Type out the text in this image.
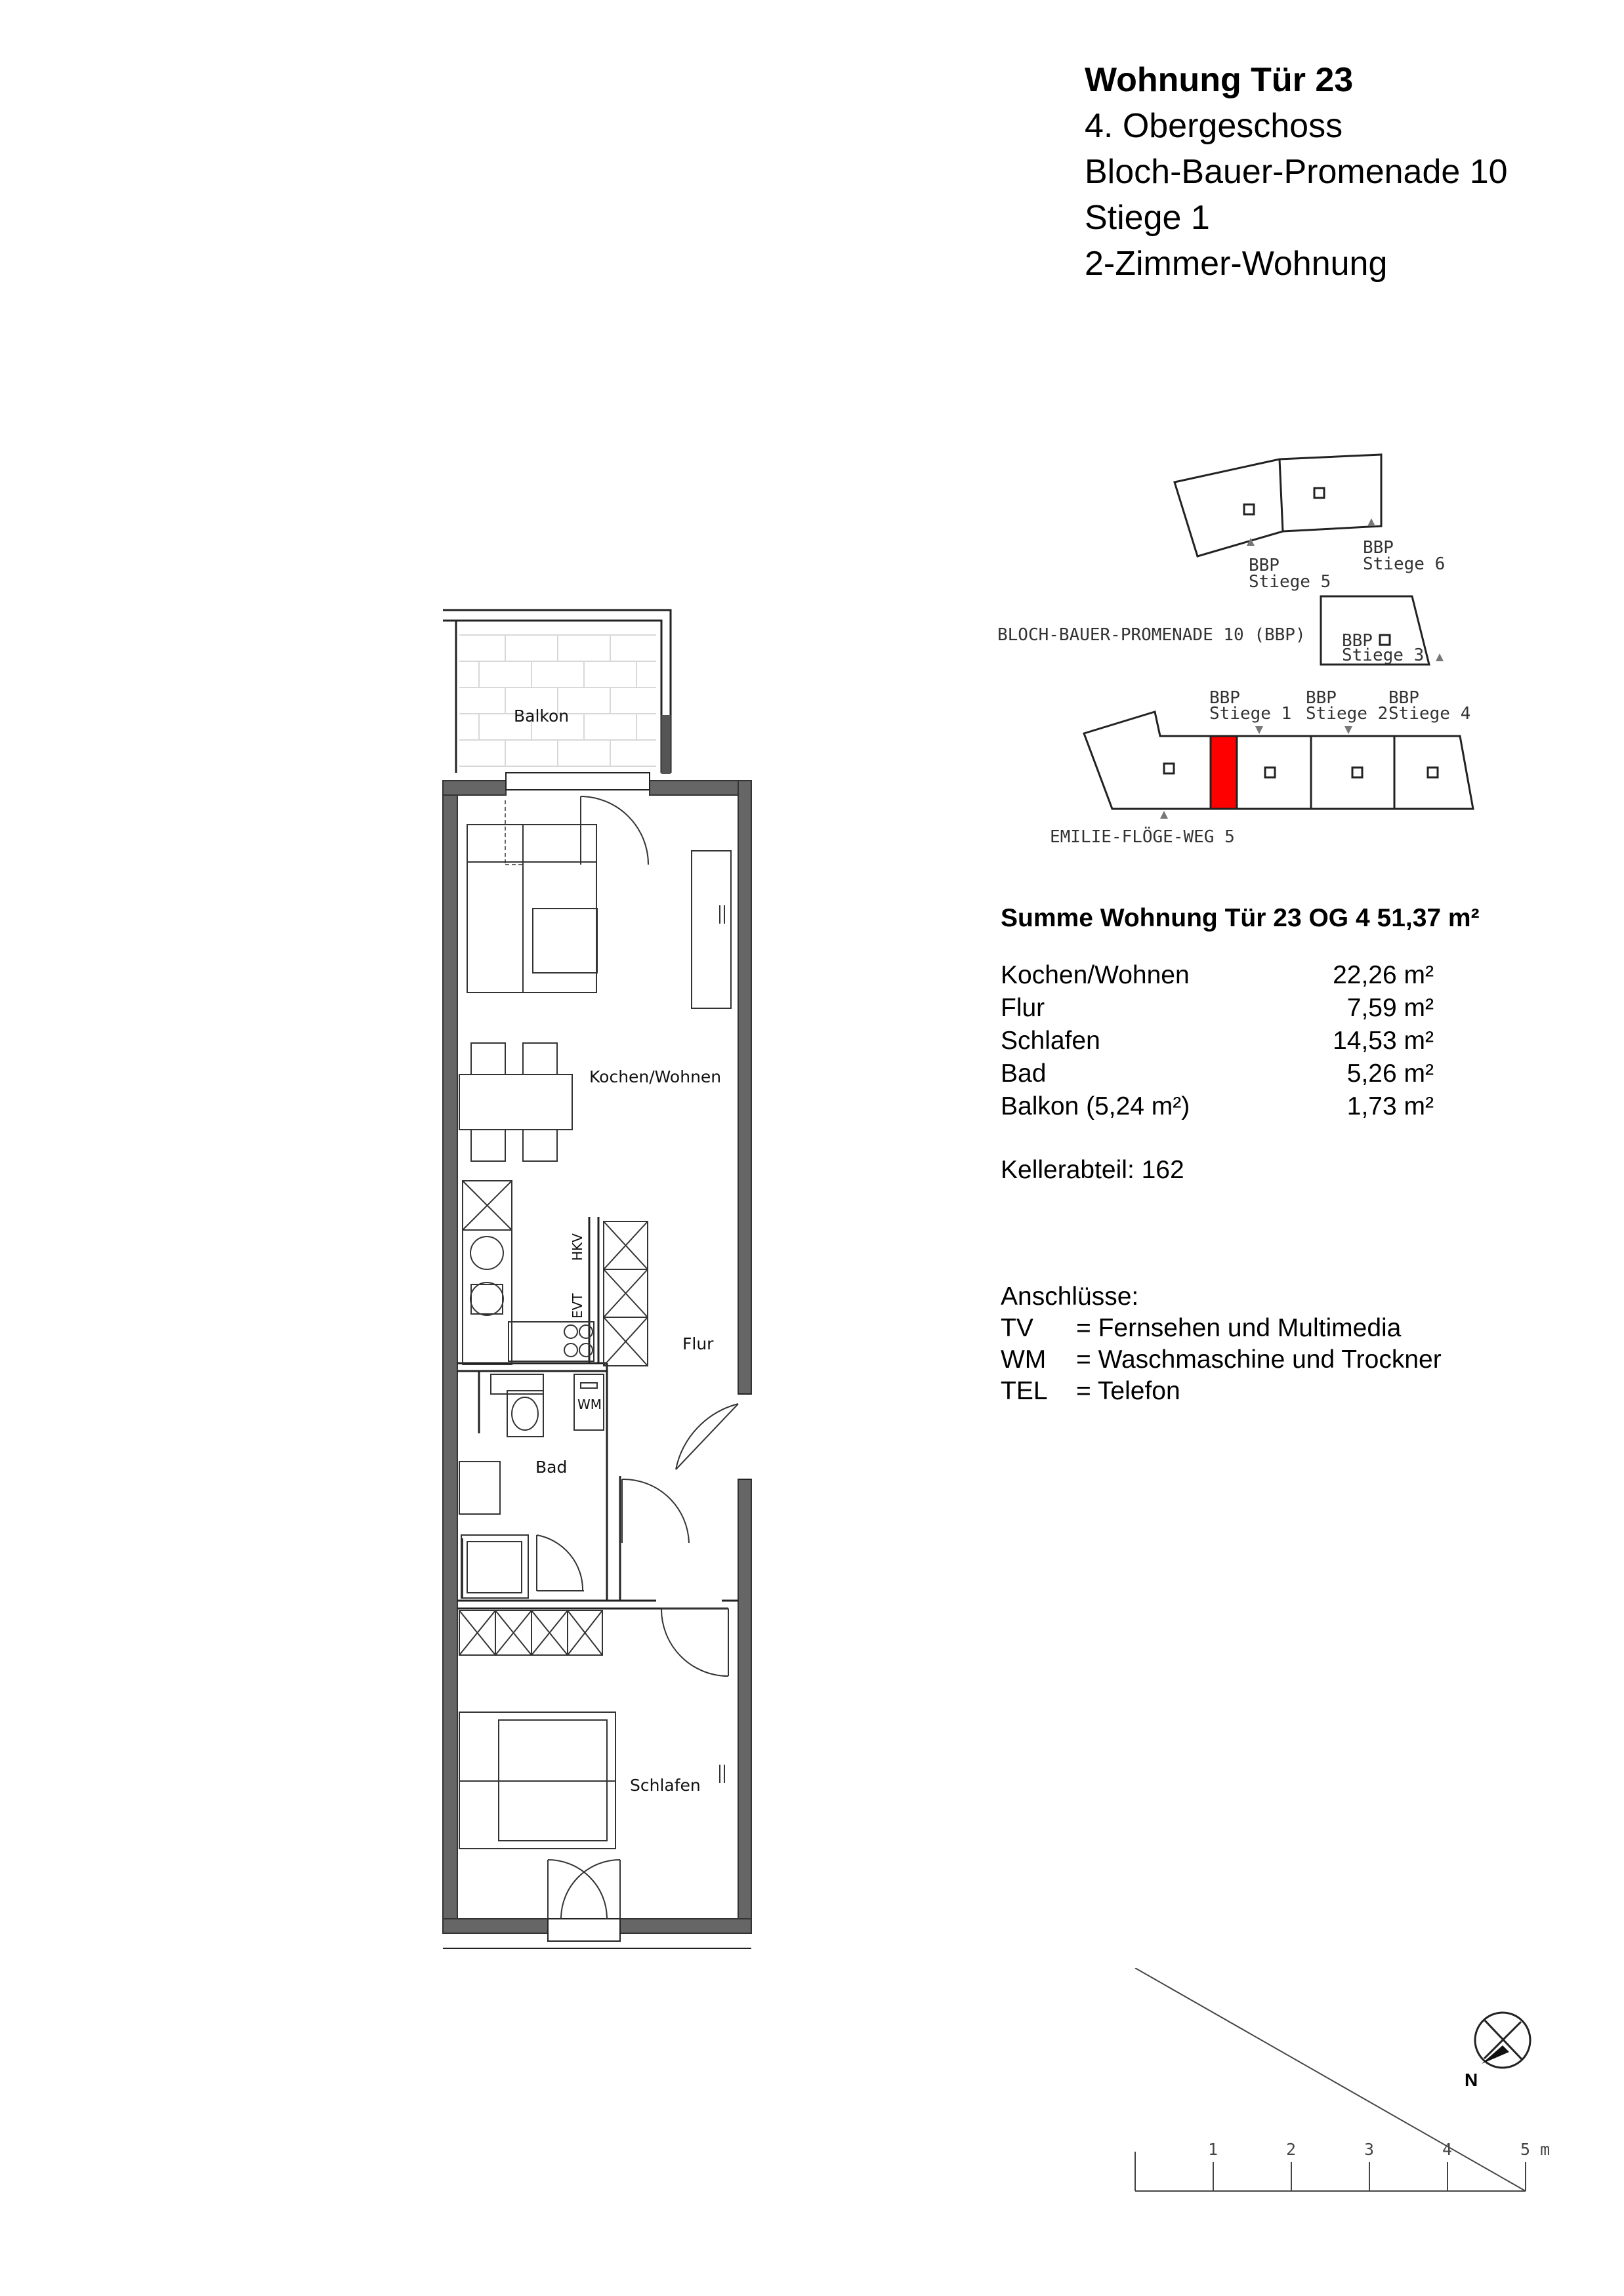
Wohnung Tür 23
4. Obergeschoss
Bloch-Bauer-Promenade 10
Stiege 1
2-Zimmer-Wohnung
BBP
Stiege 5
BBP
Stiege 6
BLOCH-BAUER-PROMENADE 10 (BBP) BBP
Stiege 3
BBP
Stiege 1
BBP
Stiege 2
BBP
Stiege 4
EMILIE-FLÖGE-WEG 5
Balkon
Kochen/Wohnen
Flur
Bad
Schlafen
WM
HKV
EVT
Summe Wohnung Tür 23 OG 4 51,37 m²
Kochen/Wohnen	22,26 m²
Flur	7,59 m²
Schlafen	14,53 m²
Bad	5,26 m²
Balkon (5,24 m²)	1,73 m²
Kellerabteil: 162
Anschlüsse:
TV = Fernsehen und Multimedia
WM = Waschmaschine und Trockner
TEL = Telefon
N
1	2	3	4	5 m
